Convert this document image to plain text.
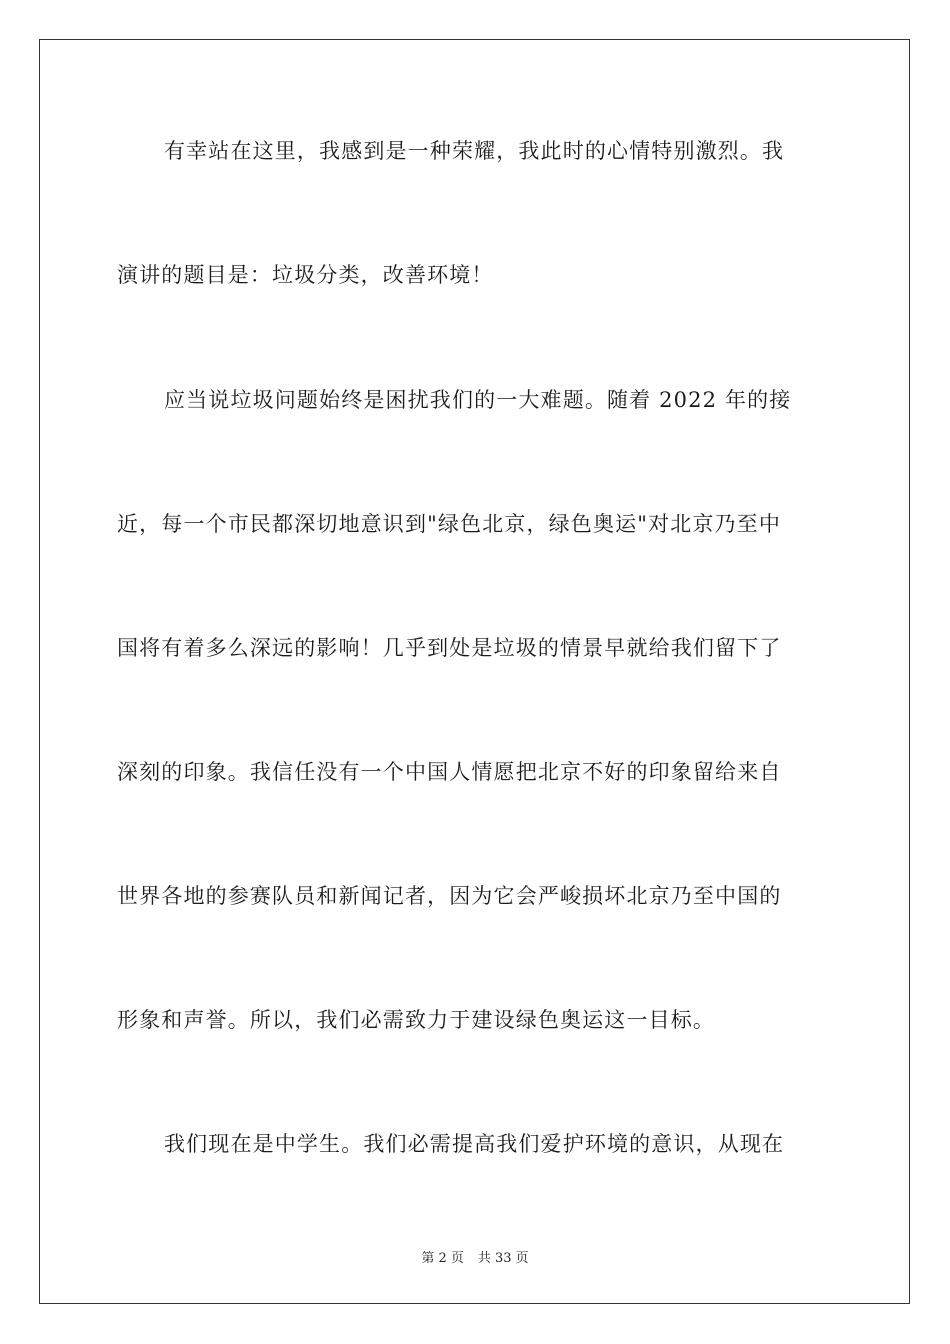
有幸站在这里，我感到是一种荣耀，我此时的心情特别激烈。我
演讲的题目是：垃圾分类，改善环境！
应当说垃圾问题始终是困扰我们的一大难题。随着 2022 年的接
近，每一个市民都深切地意识到"绿色北京，绿色奥运"对北京乃至中
国将有着多么深远的影响！几乎到处是垃圾的情景早就给我们留下了
深刻的印象。我信任没有一个中国人情愿把北京不好的印象留给来自
世界各地的参赛队员和新闻记者，因为它会严峻损坏北京乃至中国的
形象和声誉。所以，我们必需致力于建设绿色奥运这一目标。
我们现在是中学生。我们必需提高我们爱护环境的意识，从现在
第 2 页 共 33 页
